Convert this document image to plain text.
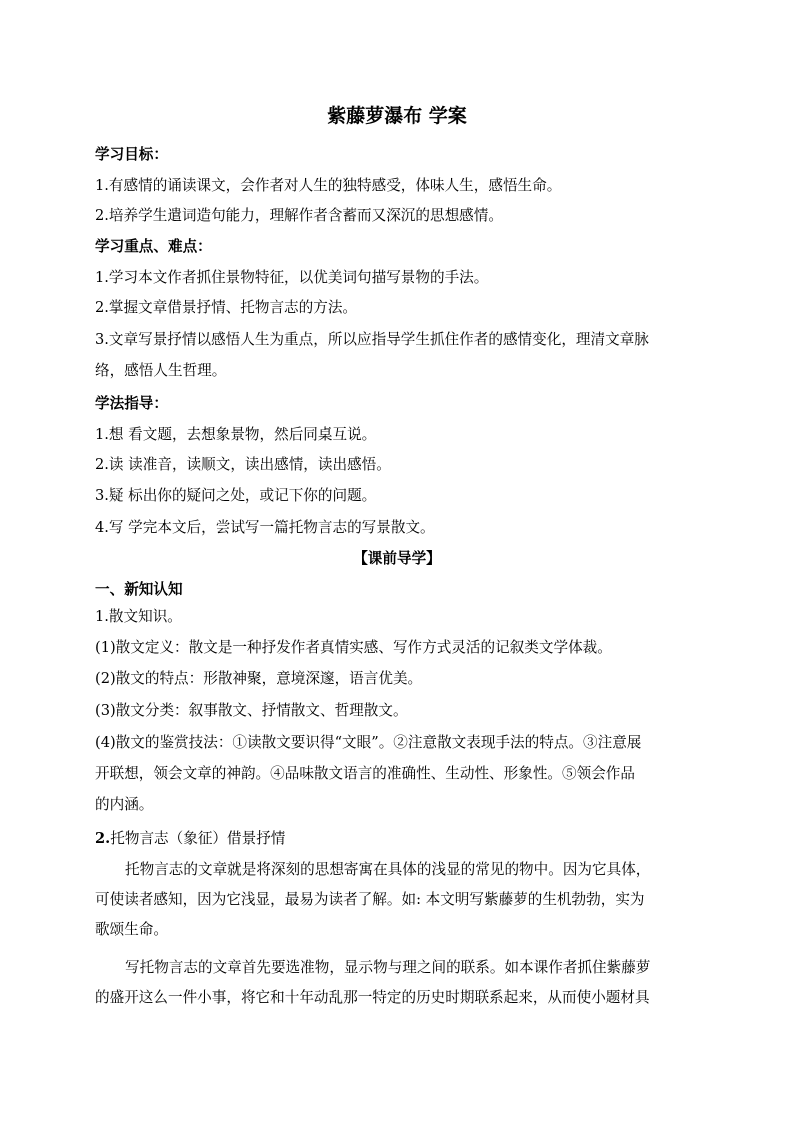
紫藤萝瀑布 学案
学习目标：
1.有感情的诵读课文，会作者对人生的独特感受，体味人生，感悟生命。
2.培养学生遣词造句能力，理解作者含蓄而又深沉的思想感情。
学习重点、难点：
1.学习本文作者抓住景物特征，以优美词句描写景物的手法。
2.掌握文章借景抒情、托物言志的方法。
3.文章写景抒情以感悟人生为重点，所以应指导学生抓住作者的感情变化，理清文章脉
络，感悟人生哲理。
学法指导：
1.想 看文题，去想象景物，然后同桌互说。
2.读 读准音，读顺文，读出感情，读出感悟。
3.疑 标出你的疑问之处，或记下你的问题。
4.写 学完本文后，尝试写一篇托物言志的写景散文。
【课前导学】
一、新知认知
1.散文知识。
(1)散文定义：散文是一种抒发作者真情实感、写作方式灵活的记叙类文学体裁。
(2)散文的特点：形散神聚，意境深邃，语言优美。
(3)散文分类：叙事散文、抒情散文、哲理散文。
(4)散文的鉴赏技法：①读散文要识得“文眼”。②注意散文表现手法的特点。③注意展
开联想，领会文章的神韵。④品味散文语言的准确性、生动性、形象性。⑤领会作品
的内涵。
2.托物言志（象征）借景抒情
托物言志的文章就是将深刻的思想寄寓在具体的浅显的常见的物中。因为它具体，
可使读者感知，因为它浅显，最易为读者了解。如: 本文明写紫藤萝的生机勃勃，实为
歌颂生命。
写托物言志的文章首先要选准物，显示物与理之间的联系。如本课作者抓住紫藤萝
的盛开这么一件小事，将它和十年动乱那一特定的历史时期联系起来，从而使小题材具
